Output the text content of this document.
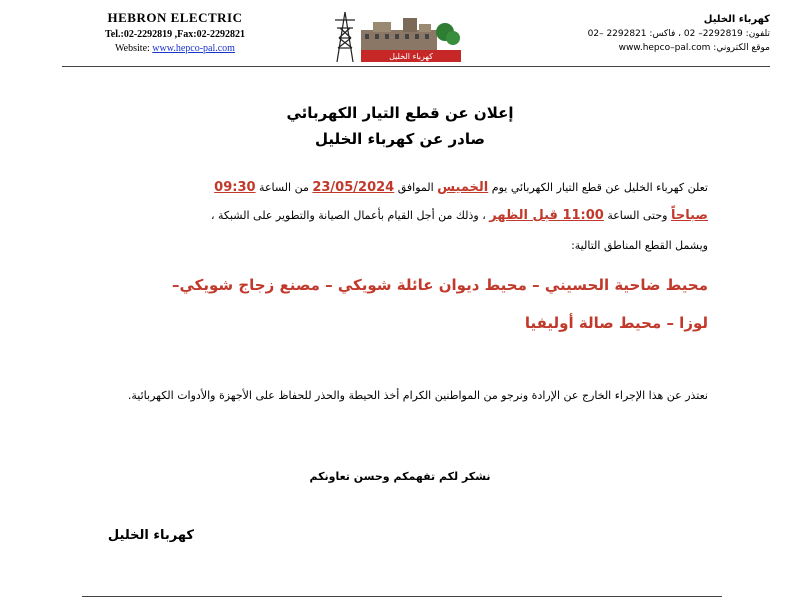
HEBRON ELECTRIC
Tel.:02-2292819 ,Fax:02-2292821
Website: www.hepco-pal.com
كهرباء الخليل
كهرباء الخليل
تلفون: 2292819– 02 ، فاكس: 2292821 –02
موقع الكتروني: www.hepco–pal.com
إعلان عن قطع التيار الكهربائي
صادر عن كهرباء الخليل
تعلن كهرباء الخليل عن قطع التيار الكهربائي يوم الخميس الموافق 23/05/2024 من الساعة 09:30
صباحاً وحتى الساعة 11:00 قبل الظهر ، وذلك من أجل القيام بأعمال الصيانة والتطوير على الشبكة ،
ويشمل القطع المناطق التالية:
محيط ضاحية الحسيني – محيط ديوان عائلة شويكي – مصنع زجاج شويكي–
لوزا – محيط صالة أوليفيا
نعتذر عن هذا الإجراء الخارج عن الإرادة ونرجو من المواطنين الكرام أخذ الحيطة والحذر للحفاظ على الأجهزة والأدوات الكهربائية.
نشكر لكم تفهمكم وحسن تعاونكم
كهرباء الخليل
